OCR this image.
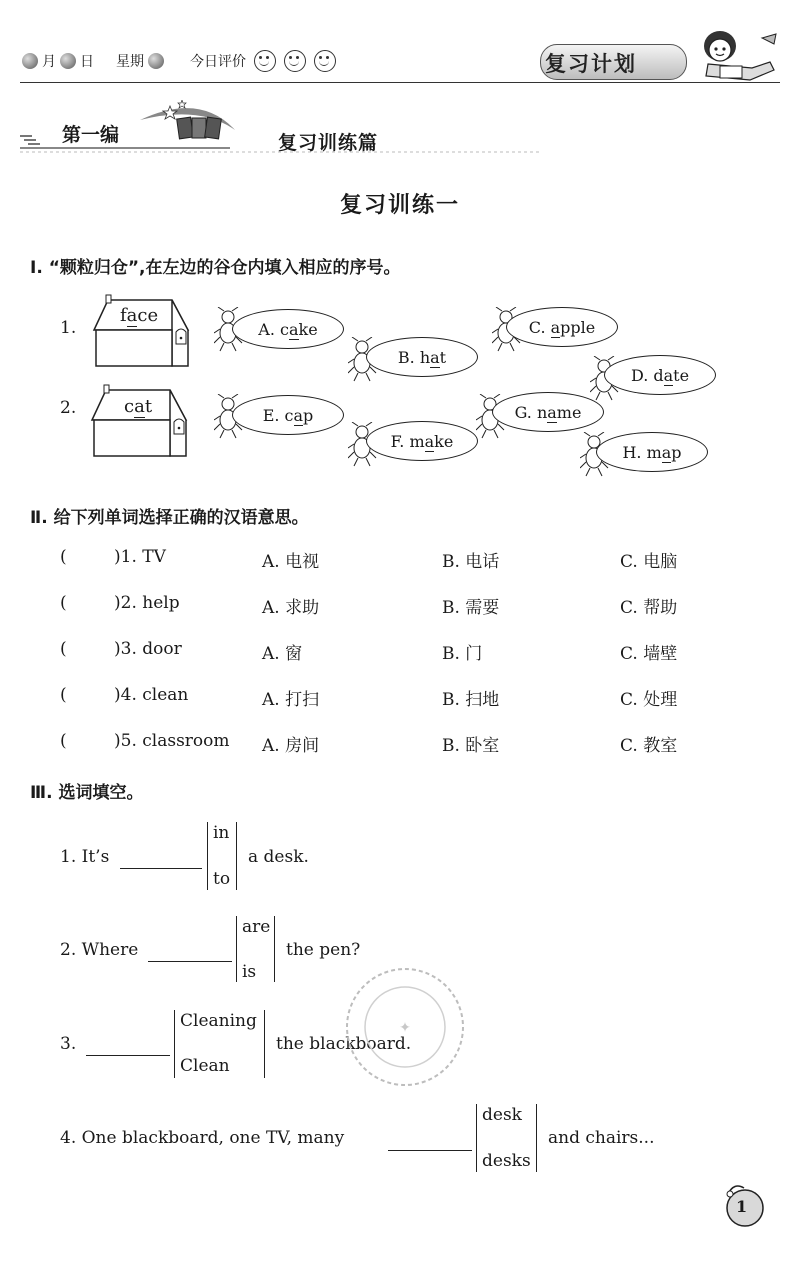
月 日 星期	今日评价	复习计划
第一编	复习训练篇
复习训练一
Ⅰ. “颗粒归仓”,在左边的谷仓内填入相应的序号。
1.
face
2.	cat
A. cake
B. hat
C. apple
D. date
E. cap
F. make
G. name
H. map
Ⅱ. 给下列单词选择正确的汉语意思。
(	)1. TV	A. 电视	B. 电话	C. 电脑
(	)2. help	A. 求助	B. 需要	C. 帮助
(	)3. door	A. 窗	B. 门	C. 墙壁
(	)4. clean	A. 打扫	B. 扫地	C. 处理
(	)5. classroom A. 房间	B. 卧室	C. 教室
Ⅲ. 选词填空。
1. It’s
in
to
a desk.
2. Where
are
is
the pen?
3.
Cleaning
Clean
the blackboard.
4. One blackboard, one TV, many
desk
desks
and chairs...
✦
1
